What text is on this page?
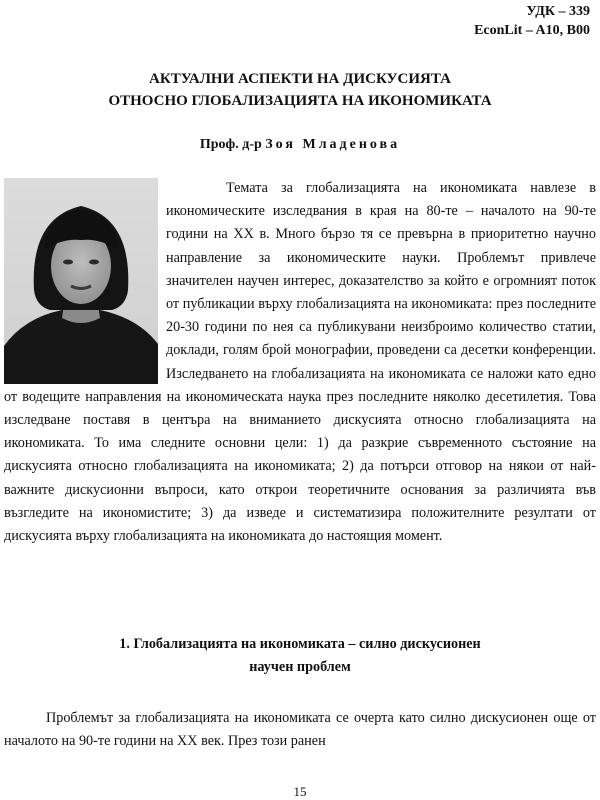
УДК – 339
EconLit – A10, B00
АКТУАЛНИ АСПЕКТИ НА ДИСКУСИЯТА
ОТНОСНО ГЛОБАЛИЗАЦИЯТА НА ИКОНОМИКАТА
Проф. д-р Зоя Младенова

Темата за глобализацията на икономиката навлезе в икономическите изследвания в края на 80-те – началото на 90-те години на XX в. Много бързо тя се превърна в приоритетно научно направление за икономическите науки. Проблемът привлече значителен научен интерес, доказателство за който е огромният поток от публикации върху глобализацията на икономиката: през последните 20-30 години по нея са публикувани неизброимо количество статии, доклади, голям брой монографии, проведени са десетки конференции. Изследването на глобализацията на икономиката се наложи като едно от водещите направления на икономическата наука през последните няколко десетилетия. Това изследване поставя в центъра на вниманието дискусията относно глобализацията на икономиката. То има следните основни цели: 1) да разкрие съвременното състояние на дискусията относно глобализацията на икономиката; 2) да потърси отговор на някои от най-важните дискусионни въпроси, като открои теоретичните основания за различията във възгледите на икономистите; 3) да изведе и систематизира положителните резултати от дискусията върху глобализацията на икономиката до настоящия момент.

1. Глобализацията на икономиката – силно дискусионен
научен проблем

Проблемът за глобализацията на икономиката се очерта като силно дискусионен още от началото на 90-те години на XX век. През този ранен

15
